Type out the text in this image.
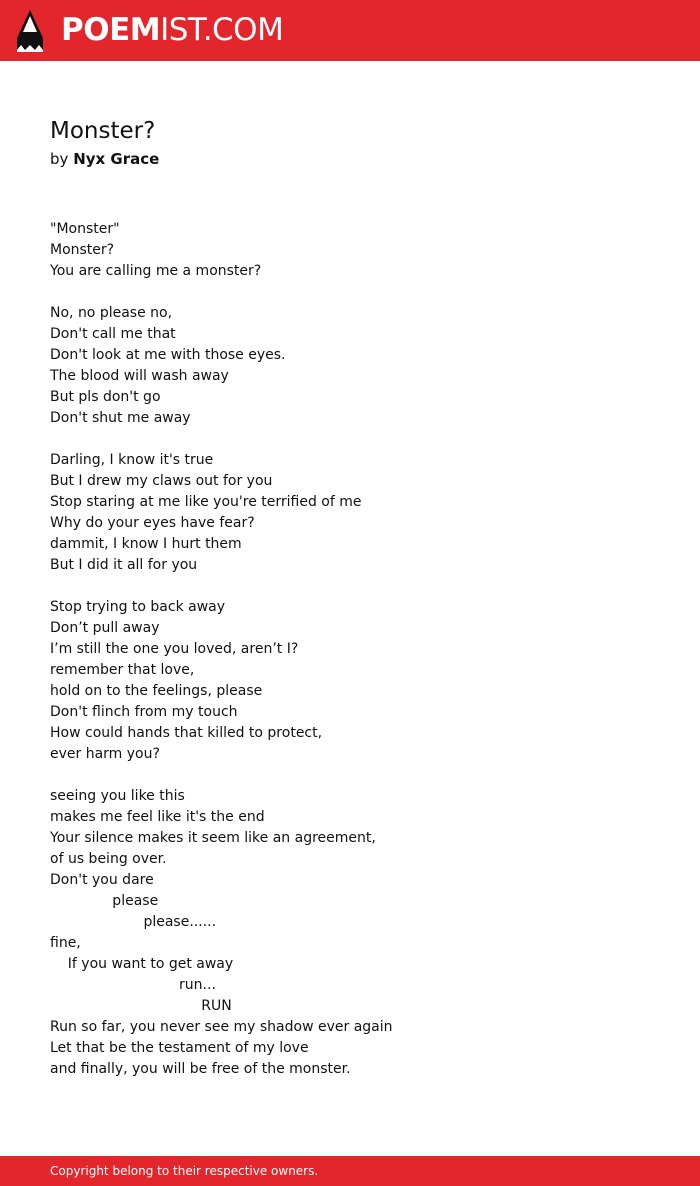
POEMIST.COM
Monster?
by Nyx Grace
"Monster"
Monster?
You are calling me a monster?

No, no please no,
Don't call me that
Don't look at me with those eyes.
The blood will wash away
But pls don't go
Don't shut me away

Darling, I know it's true
But I drew my claws out for you
Stop staring at me like you're terrified of me
Why do your eyes have fear?
dammit, I know I hurt them
But I did it all for you

Stop trying to back away
Don’t pull away
I’m still the one you loved, aren’t I?
remember that love,
hold on to the feelings, please
Don't flinch from my touch
How could hands that killed to protect,
ever harm you?

seeing you like this
makes me feel like it's the end
Your silence makes it seem like an agreement,
of us being over.
Don't you dare
please
please......
fine,
If you want to get away
run...
RUN
Run so far, you never see my shadow ever again
Let that be the testament of my love
and finally, you will be free of the monster.
Copyright belong to their respective owners.
